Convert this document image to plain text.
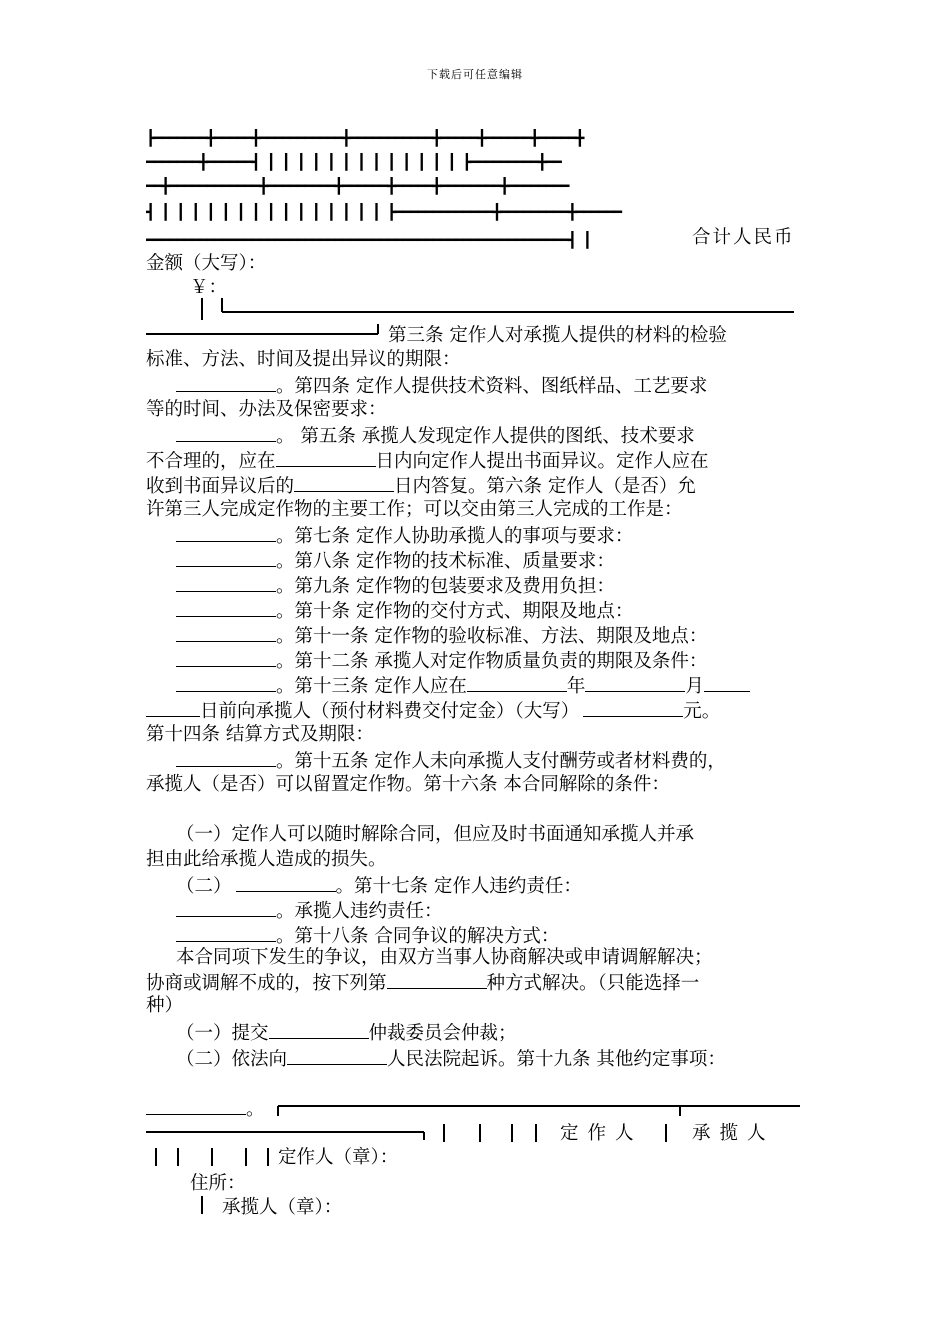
下载后可任意编辑
┣━━━━━━━╋━━━━━╋━━━━━━━━━━━╋━━━━━━━━━━━╋━━━━━╋━━━━━━╋━━━━━╋
━━━━━━━╋━━━━━━┫ ┃ ┃ ┃ ┃ ┃ ┃ ┃ ┃ ┃ ┃ ┃ ┃ ┃ ┣━━━━━━━━━╋━━
━━╋━━━━━━━━━━━━╋━━━━━━━━━╋━━━━━━╋━━━━━╋━━━━━━━━╋━━━━━━━━
┫ ┃ ┃ ┃ ┃ ┃ ┃ ┃ ┃ ┃ ┃ ┃ ┃ ┃ ┃ ┃ ┣━━━━━━━━━━━━━╋━━━━━━━━━╋━━━━━━
━━━━━━━━━━━━━━━━━━━━━━━━━━━━━━━━━━━━━━━━━━━━━━━━━━━━━━━━┫ ┃	合计人民币
金额（大写）：
￥：
第三条 定作人对承揽人提供的材料的检验
标准、方法、时间及提出异议的期限：
。第四条 定作人提供技术资料、图纸样品、工艺要求
等的时间、办法及保密要求：
。 第五条 承揽人发现定作人提供的图纸、技术要求
不合理的，应在	日内向定作人提出书面异议。定作人应在
收到书面异议后的	日内答复。第六条 定作人（是否）允
许第三人完成定作物的主要工作；可以交由第三人完成的工作是：
。第七条 定作人协助承揽人的事项与要求：
。第八条 定作物的技术标准、质量要求：
。第九条 定作物的包装要求及费用负担：
。第十条 定作物的交付方式、期限及地点：
。第十一条 定作物的验收标准、方法、期限及地点：
。第十二条 承揽人对定作物质量负责的期限及条件：
。第十三条 定作人应在	年	月
日前向承揽人（预付材料费交付定金）（大写）	元。
第十四条 结算方式及期限：
。第十五条 定作人未向承揽人支付酬劳或者材料费的，
承揽人（是否）可以留置定作物。第十六条 本合同解除的条件：
（一）定作人可以随时解除合同，但应及时书面通知承揽人并承
担由此给承揽人造成的损失。
（二）	。第十七条 定作人违约责任：
。承揽人违约责任：
。第十八条 合同争议的解决方式：
本合同项下发生的争议，由双方当事人协商解决或申请调解解决；
协商或调解不成的，按下列第	种方式解决。（只能选择一
种）
（一）提交	仲裁委员会仲裁；
（二）依法向	人民法院起诉。第十九条 其他约定事项：
。
定作人	承揽人
定作人（章）：
住所：
承揽人（章）：
